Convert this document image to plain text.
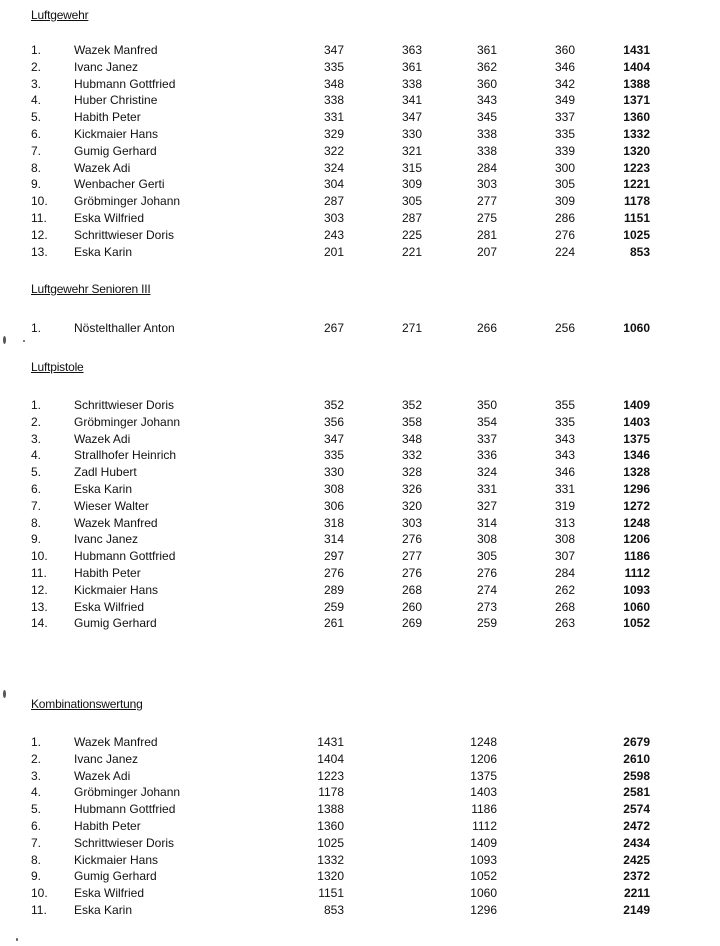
Luftgewehr
1.	Wazek Manfred	347	363	361	360	1431
2.	Ivanc Janez	335	361	362	346	1404
3.	Hubmann Gottfried	348	338	360	342	1388
4.	Huber Christine	338	341	343	349	1371
5.	Habith Peter	331	347	345	337	1360
6.	Kickmaier Hans	329	330	338	335	1332
7.	Gumig Gerhard	322	321	338	339	1320
8.	Wazek Adi	324	315	284	300	1223
9.	Wenbacher Gerti	304	309	303	305	1221
10. Gröbminger Johann	287	305	277	309	1178
11. Eska Wilfried	303	287	275	286	1151
12. Schrittwieser Doris	243	225	281	276	1025
13. Eska Karin	201	221	207	224	853
Luftgewehr Senioren III
1.	Nöstelthaller Anton	267	271	266	256	1060
Luftpistole
1.	Schrittwieser Doris	352	352	350	355	1409
2.	Gröbminger Johann	356	358	354	335	1403
3.	Wazek Adi	347	348	337	343	1375
4.	Strallhofer Heinrich	335	332	336	343	1346
5.	Zadl Hubert	330	328	324	346	1328
6.	Eska Karin	308	326	331	331	1296
7.	Wieser Walter	306	320	327	319	1272
8.	Wazek Manfred	318	303	314	313	1248
9.	Ivanc Janez	314	276	308	308	1206
10. Hubmann Gottfried	297	277	305	307	1186
11. Habith Peter	276	276	276	284	1112
12. Kickmaier Hans	289	268	274	262	1093
13. Eska Wilfried	259	260	273	268	1060
14. Gumig Gerhard	261	269	259	263	1052
Kombinationswertung
1.	Wazek Manfred	1431	1248	2679
2.	Ivanc Janez	1404	1206	2610
3.	Wazek Adi	1223	1375	2598
4.	Gröbminger Johann	1178	1403	2581
5.	Hubmann Gottfried	1388	1186	2574
6.	Habith Peter	1360	1112	2472
7.	Schrittwieser Doris	1025	1409	2434
8.	Kickmaier Hans	1332	1093	2425
9.	Gumig Gerhard	1320	1052	2372
10. Eska Wilfried	1151	1060	2211
11. Eska Karin	853	1296	2149
